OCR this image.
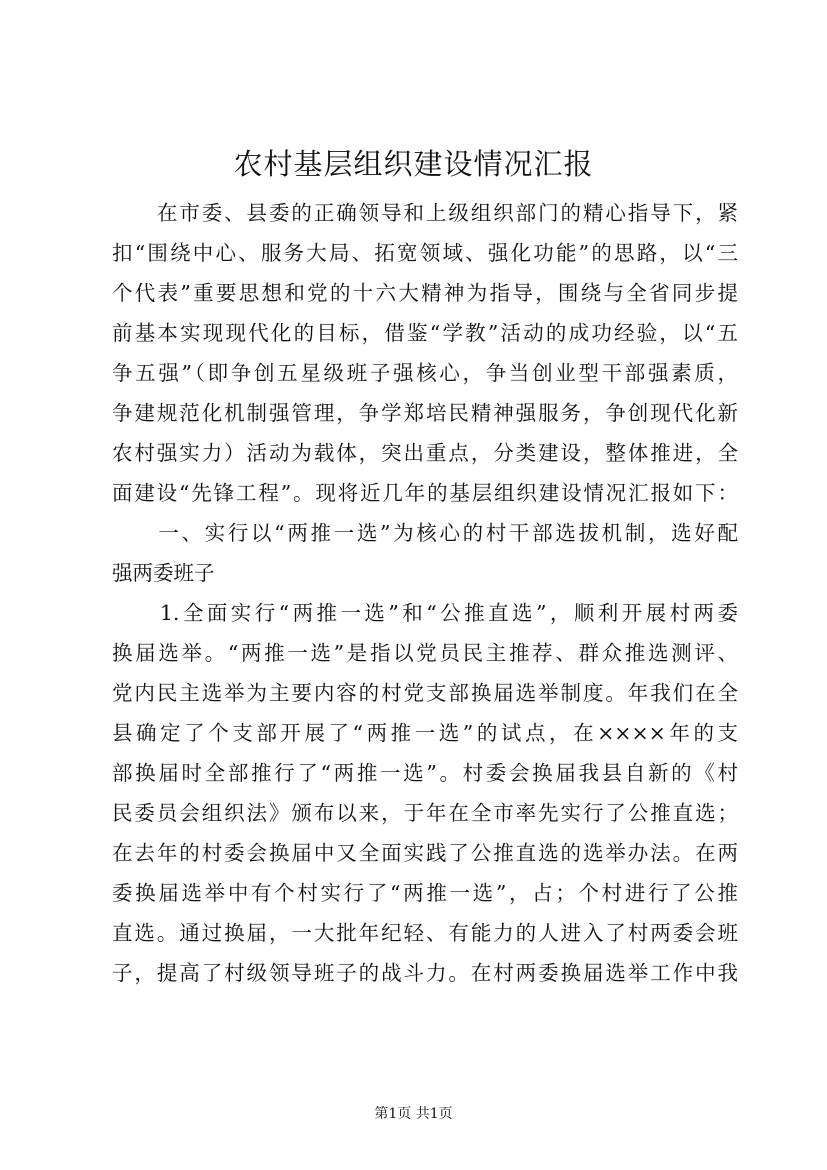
农村基层组织建设情况汇报
　　在市委、县委的正确领导和上级组织部门的精心指导下，紧
扣“围绕中心、服务大局、拓宽领域、强化功能”的思路，以“三
个代表”重要思想和党的十六大精神为指导，围绕与全省同步提
前基本实现现代化的目标，借鉴“学教”活动的成功经验，以“五
争五强”（即争创五星级班子强核心，争当创业型干部强素质，
争建规范化机制强管理，争学郑培民精神强服务，争创现代化新
农村强实力）活动为载体，突出重点，分类建设，整体推进，全
面建设“先锋工程”。现将近几年的基层组织建设情况汇报如下：
　　一、实行以“两推一选”为核心的村干部选拔机制，选好配
强两委班子
　　1.全面实行“两推一选”和“公推直选”，顺利开展村两委
换届选举。“两推一选”是指以党员民主推荐、群众推选测评、
党内民主选举为主要内容的村党支部换届选举制度。年我们在全
县确定了个支部开展了“两推一选”的试点，在××××年的支
部换届时全部推行了“两推一选”。村委会换届我县自新的《村
民委员会组织法》颁布以来，于年在全市率先实行了公推直选；
在去年的村委会换届中又全面实践了公推直选的选举办法。在两
委换届选举中有个村实行了“两推一选”，占；个村进行了公推
直选。通过换届，一大批年纪轻、有能力的人进入了村两委会班
子，提高了村级领导班子的战斗力。在村两委换届选举工作中我
第1页 共1页
